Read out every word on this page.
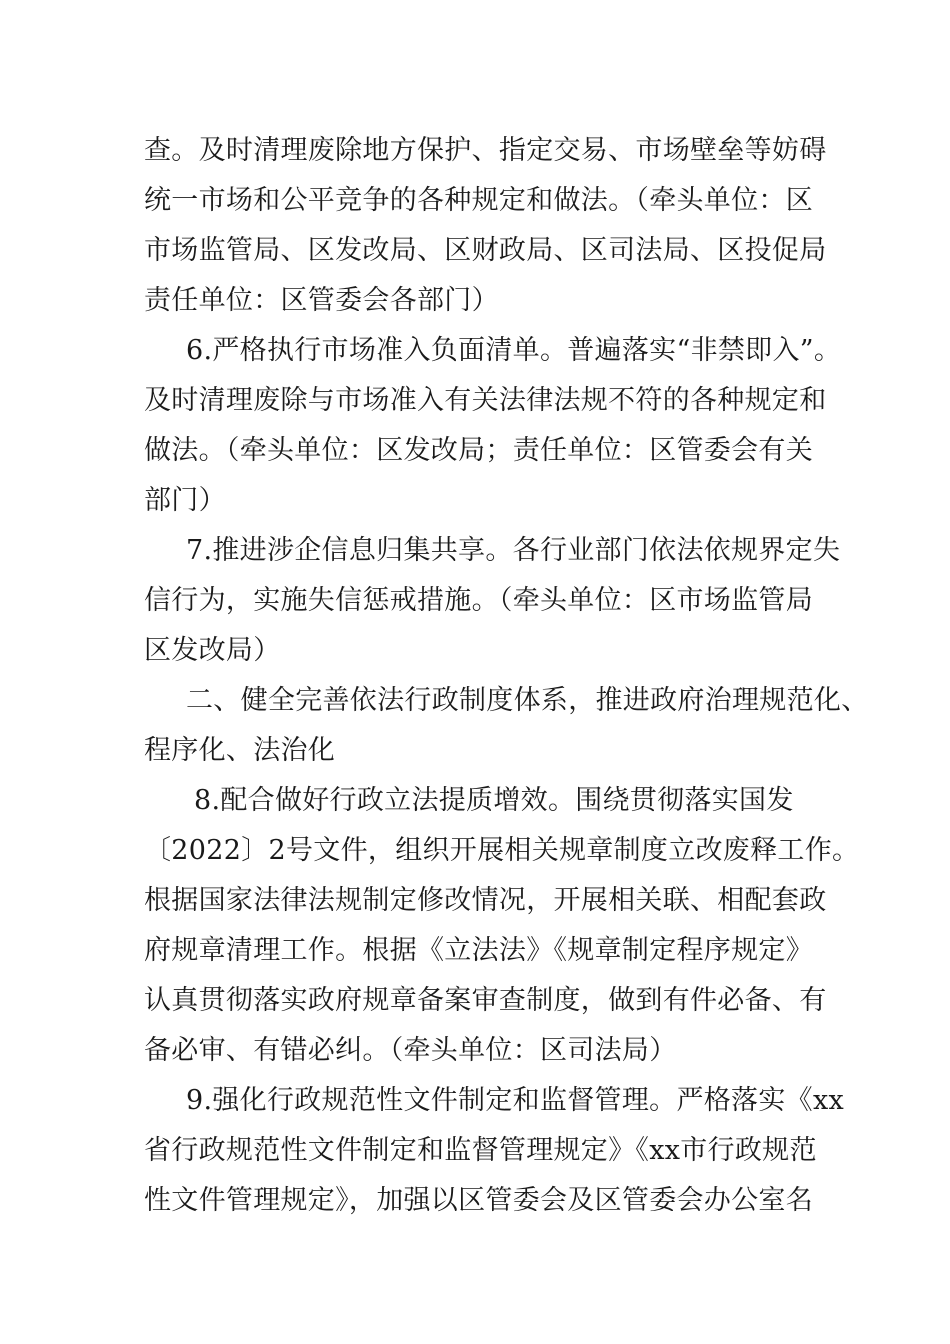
查。及时清理废除地方保护、指定交易、市场壁垒等妨碍
统一市场和公平竞争的各种规定和做法。（牵头单位：区
市场监管局、区发改局、区财政局、区司法局、区投促局
责任单位：区管委会各部门）
6.严格执行市场准入负面清单。普遍落实“非禁即入”。
及时清理废除与市场准入有关法律法规不符的各种规定和
做法。（牵头单位：区发改局；责任单位：区管委会有关
部门）
7.推进涉企信息归集共享。各行业部门依法依规界定失
信行为，实施失信惩戒措施。（牵头单位：区市场监管局
区发改局）
二、健全完善依法行政制度体系，推进政府治理规范化、
程序化、法治化
8.配合做好行政立法提质增效。围绕贯彻落实国发
〔2022〕2号文件，组织开展相关规章制度立改废释工作。
根据国家法律法规制定修改情况，开展相关联、相配套政
府规章清理工作。根据《立法法》《规章制定程序规定》
认真贯彻落实政府规章备案审查制度，做到有件必备、有
备必审、有错必纠。（牵头单位：区司法局）
9.强化行政规范性文件制定和监督管理。严格落实《xx
省行政规范性文件制定和监督管理规定》《xx市行政规范
性文件管理规定》，加强以区管委会及区管委会办公室名
